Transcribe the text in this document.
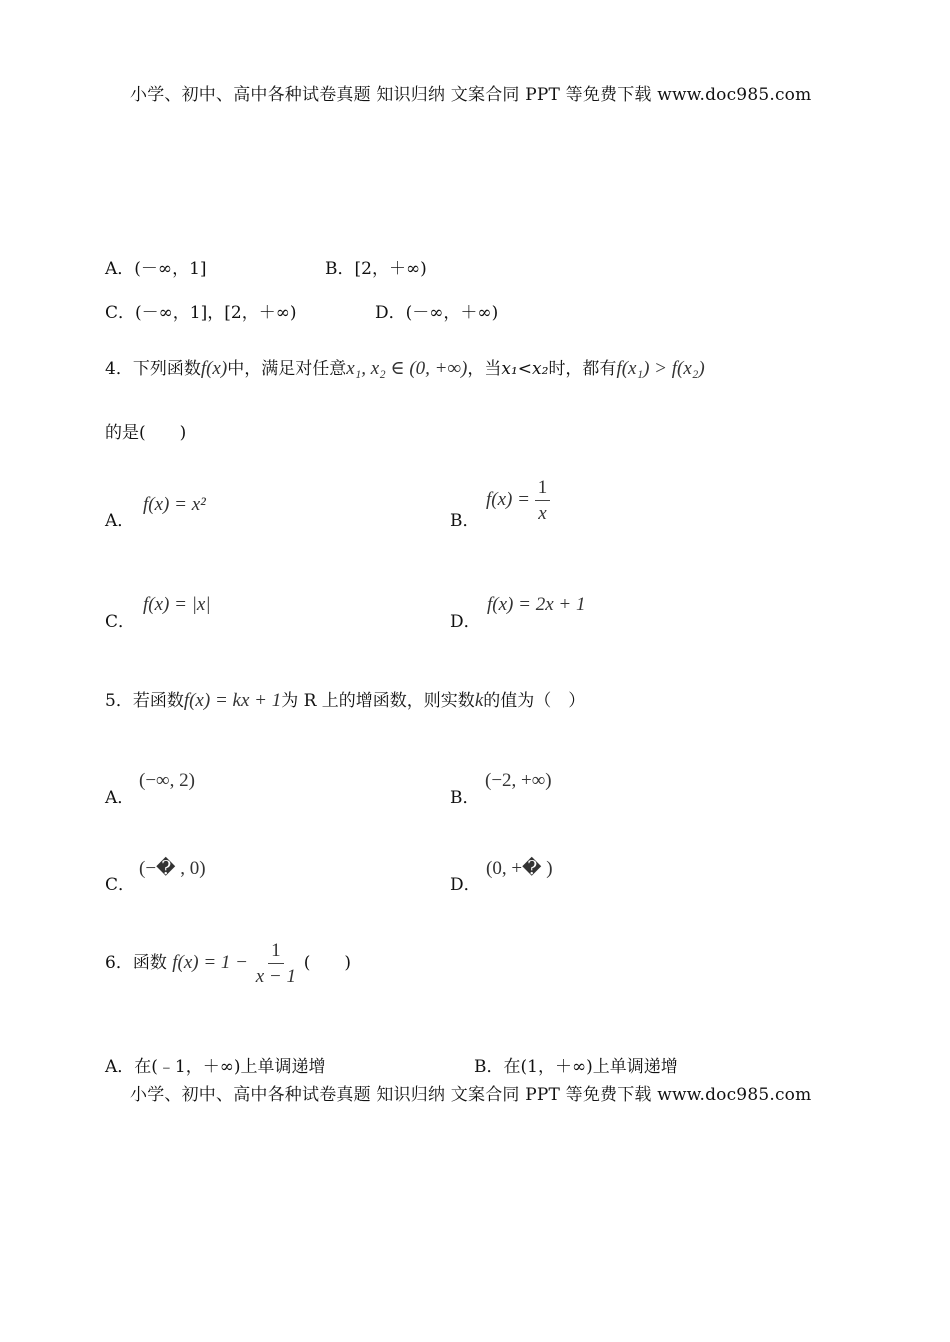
小学、初中、高中各种试卷真题 知识归纳 文案合同 PPT 等免费下载 www.doc985.com
A．(－∞，1]	B．[2，＋∞)
C．(－∞，1]，[2，＋∞)	D．(－∞，＋∞)
4．下列函数f(x)中，满足对任意x₁, x₂ ∈ (0, +∞)，当x₁<x₂时，都有f(x₁) > f(x₂)
的是(　　)
A．
f(x) = x²
B．
$f(x) = \frac{1}{x}$
C．
f(x) = |x|
D．
f(x) = 2x + 1
5．若函数f(x) = kx + 1为 R 上的增函数，则实数k的值为（　）
A．
(−∞, 2)
B．
(−2, +∞)
C．
(−� , 0)
D．
(0, +� )
6．函数 $f(x) = 1 - \frac{1}{x - 1}$ (　　)
A．在(﹣1，＋∞)上单调递增	B．在(1，＋∞)上单调递增
小学、初中、高中各种试卷真题 知识归纳 文案合同 PPT 等免费下载 www.doc985.com
